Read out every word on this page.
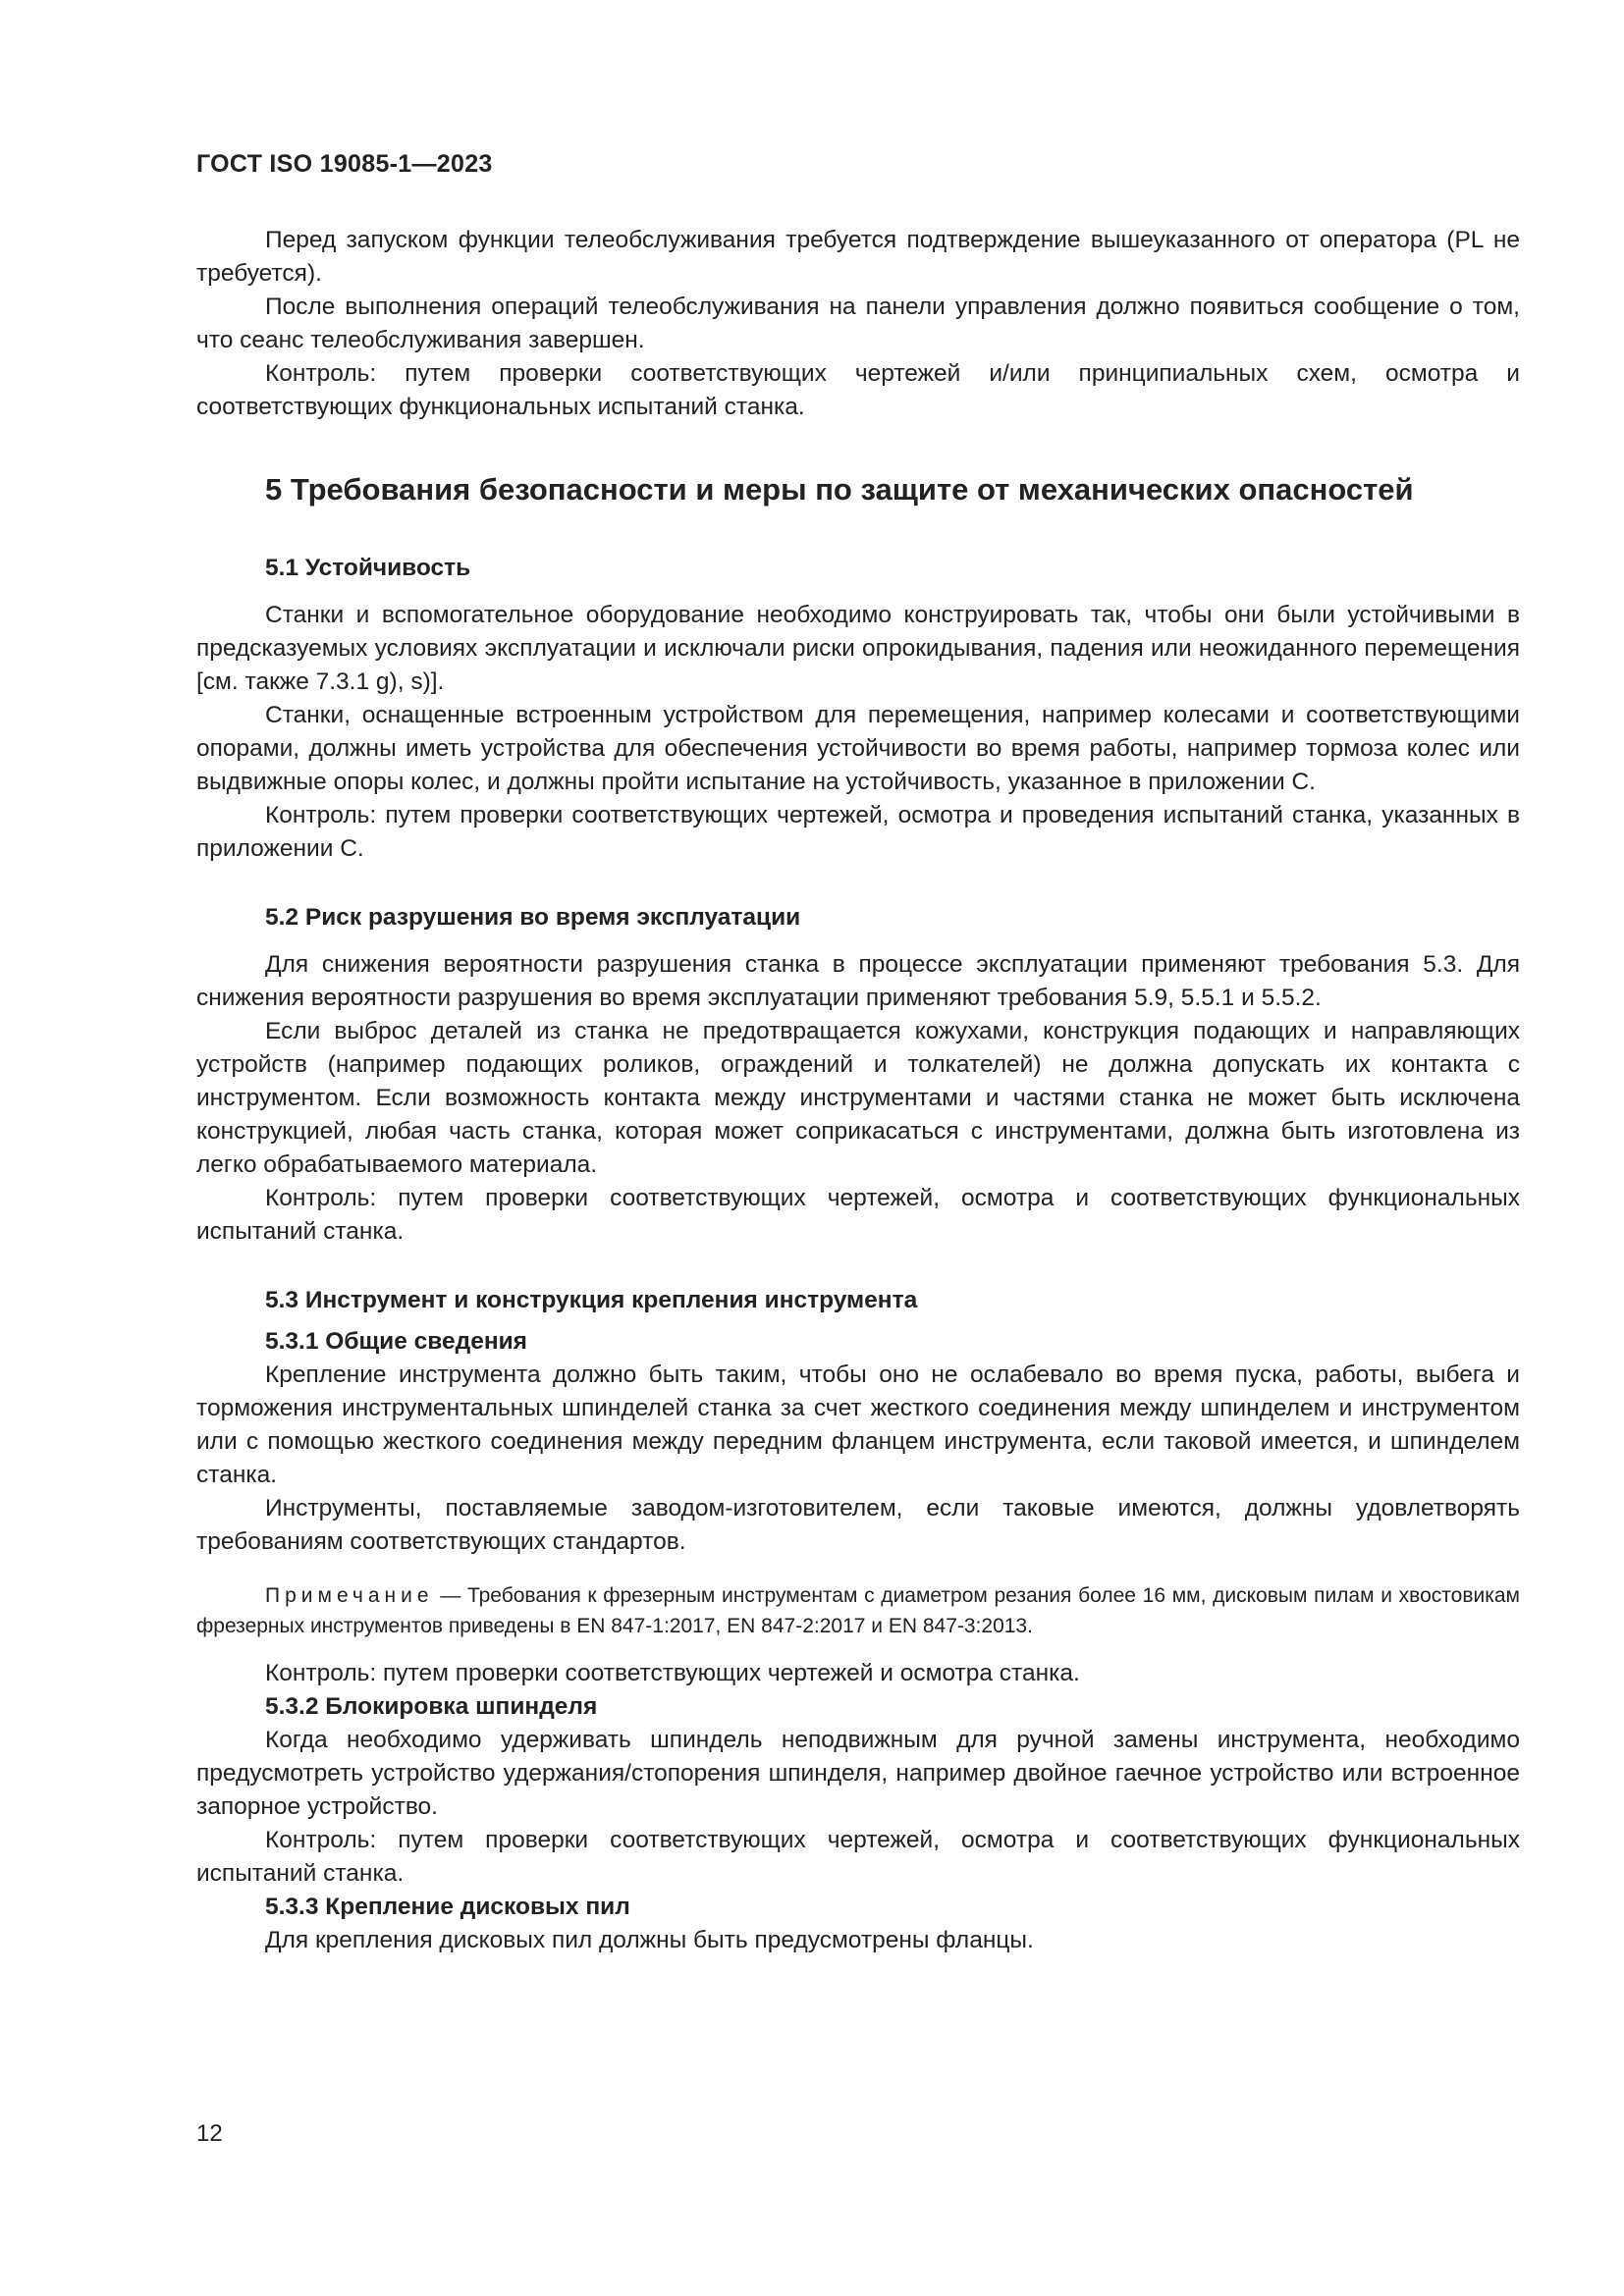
ГОСТ ISO 19085-1—2023

Перед запуском функции телеобслуживания требуется подтверждение вышеуказанного от оператора (PL не требуется).

После выполнения операций телеобслуживания на панели управления должно появиться сообщение о том, что сеанс телеобслуживания завершен.

Контроль: путем проверки соответствующих чертежей и/или принципиальных схем, осмотра и соответствующих функциональных испытаний станка.

5 Требования безопасности и меры по защите от механических опасностей
5.1 Устойчивость

Станки и вспомогательное оборудование необходимо конструировать так, чтобы они были устойчивыми в предсказуемых условиях эксплуатации и исключали риски опрокидывания, падения или неожиданного перемещения [см. также 7.3.1 g), s)].

Станки, оснащенные встроенным устройством для перемещения, например колесами и соответствующими опорами, должны иметь устройства для обеспечения устойчивости во время работы, например тормоза колес или выдвижные опоры колес, и должны пройти испытание на устойчивость, указанное в приложении С.

Контроль: путем проверки соответствующих чертежей, осмотра и проведения испытаний станка, указанных в приложении С.

5.2 Риск разрушения во время эксплуатации

Для снижения вероятности разрушения станка в процессе эксплуатации применяют требования 5.3. Для снижения вероятности разрушения во время эксплуатации применяют требования 5.9, 5.5.1 и 5.5.2.

Если выброс деталей из станка не предотвращается кожухами, конструкция подающих и направляющих устройств (например подающих роликов, ограждений и толкателей) не должна допускать их контакта с инструментом. Если возможность контакта между инструментами и частями станка не может быть исключена конструкцией, любая часть станка, которая может соприкасаться с инструментами, должна быть изготовлена из легко обрабатываемого материала.

Контроль: путем проверки соответствующих чертежей, осмотра и соответствующих функциональных испытаний станка.

5.3 Инструмент и конструкция крепления инструмента
5.3.1 Общие сведения

Крепление инструмента должно быть таким, чтобы оно не ослабевало во время пуска, работы, выбега и торможения инструментальных шпинделей станка за счет жесткого соединения между шпинделем и инструментом или с помощью жесткого соединения между передним фланцем инструмента, если таковой имеется, и шпинделем станка.

Инструменты, поставляемые заводом-изготовителем, если таковые имеются, должны удовлетворять требованиям соответствующих стандартов.

Примечание — Требования к фрезерным инструментам с диаметром резания более 16 мм, дисковым пилам и хвостовикам фрезерных инструментов приведены в EN 847-1:2017, EN 847-2:2017 и EN 847-3:2013.

Контроль: путем проверки соответствующих чертежей и осмотра станка.

5.3.2 Блокировка шпинделя

Когда необходимо удерживать шпиндель неподвижным для ручной замены инструмента, необходимо предусмотреть устройство удержания/стопорения шпинделя, например двойное гаечное устройство или встроенное запорное устройство.

Контроль: путем проверки соответствующих чертежей, осмотра и соответствующих функциональных испытаний станка.

5.3.3 Крепление дисковых пил

Для крепления дисковых пил должны быть предусмотрены фланцы.

12
